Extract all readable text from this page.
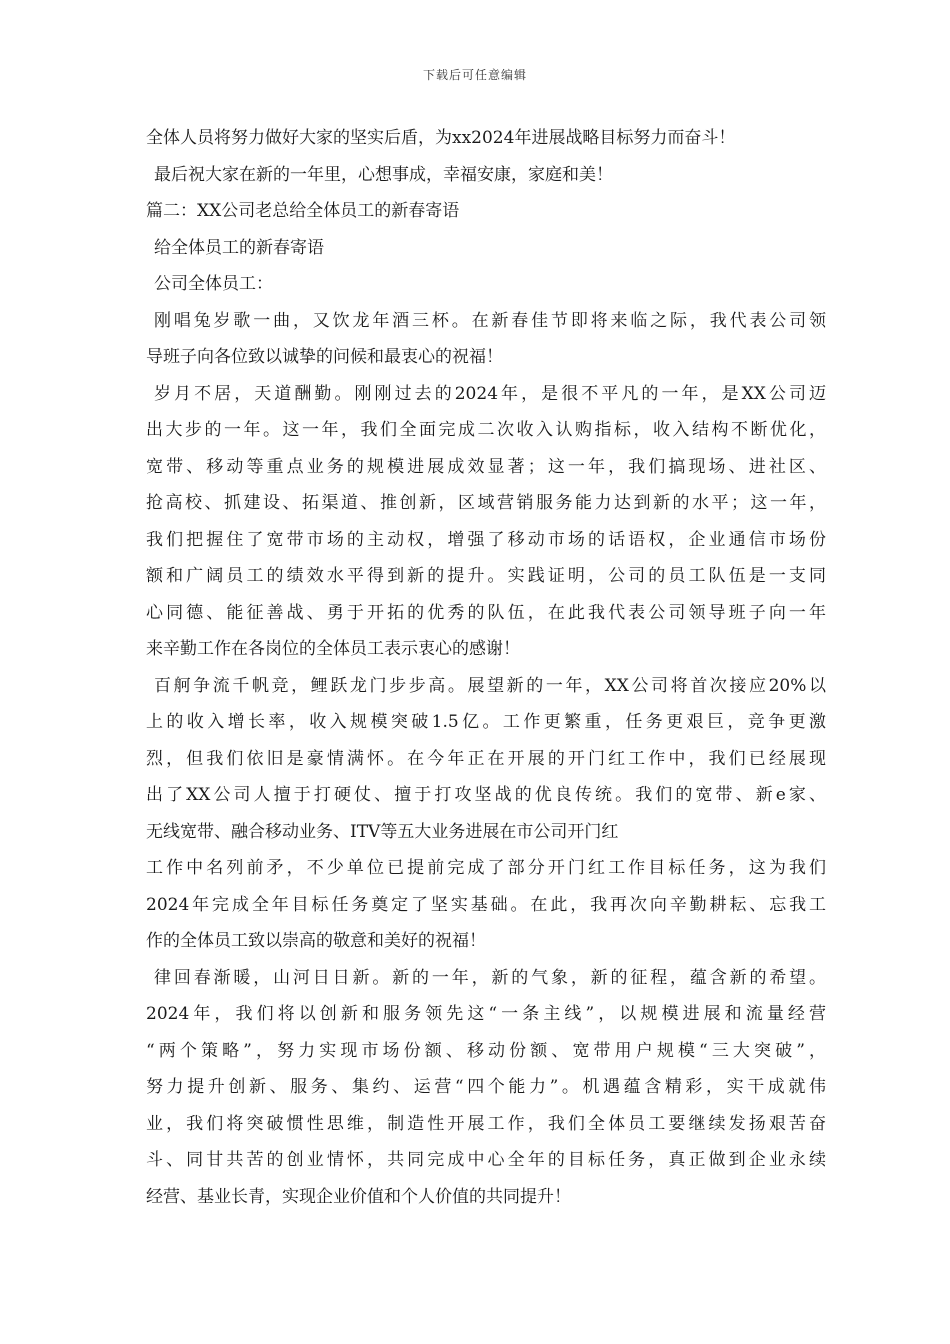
下载后可任意编辑
全体人员将努力做好大家的坚实后盾，为xx2024年进展战略目标努力而奋斗！
最后祝大家在新的一年里，心想事成，幸福安康，家庭和美！
篇二：XX公司老总给全体员工的新春寄语
给全体员工的新春寄语
公司全体员工：
刚唱兔岁歌一曲，又饮龙年酒三杯。在新春佳节即将来临之际，我代表公司领
导班子向各位致以诚挚的问候和最衷心的祝福！
岁月不居，天道酬勤。刚刚过去的2024年，是很不平凡的一年，是XX公司迈
出大步的一年。这一年，我们全面完成二次收入认购指标，收入结构不断优化，
宽带、移动等重点业务的规模进展成效显著；这一年，我们搞现场、进社区、
抢高校、抓建设、拓渠道、推创新，区域营销服务能力达到新的水平；这一年，
我们把握住了宽带市场的主动权，增强了移动市场的话语权，企业通信市场份
额和广阔员工的绩效水平得到新的提升。实践证明，公司的员工队伍是一支同
心同德、能征善战、勇于开拓的优秀的队伍，在此我代表公司领导班子向一年
来辛勤工作在各岗位的全体员工表示衷心的感谢！
百舸争流千帆竞，鲤跃龙门步步高。展望新的一年，XX公司将首次接应20%以
上的收入增长率，收入规模突破1.5亿。工作更繁重，任务更艰巨，竞争更激
烈，但我们依旧是豪情满怀。在今年正在开展的开门红工作中，我们已经展现
出了XX公司人擅于打硬仗、擅于打攻坚战的优良传统。我们的宽带、新e家、
无线宽带、融合移动业务、ITV等五大业务进展在市公司开门红
工作中名列前矛，不少单位已提前完成了部分开门红工作目标任务，这为我们
2024年完成全年目标任务奠定了坚实基础。在此，我再次向辛勤耕耘、忘我工
作的全体员工致以崇高的敬意和美好的祝福！
律回春渐暖，山河日日新。新的一年，新的气象，新的征程，蕴含新的希望。
2024年，我们将以创新和服务领先这“一条主线”，以规模进展和流量经营
“两个策略”，努力实现市场份额、移动份额、宽带用户规模“三大突破”，
努力提升创新、服务、集约、运营“四个能力”。机遇蕴含精彩，实干成就伟
业，我们将突破惯性思维，制造性开展工作，我们全体员工要继续发扬艰苦奋
斗、同甘共苦的创业情怀，共同完成中心全年的目标任务，真正做到企业永续
经营、基业长青，实现企业价值和个人价值的共同提升！
